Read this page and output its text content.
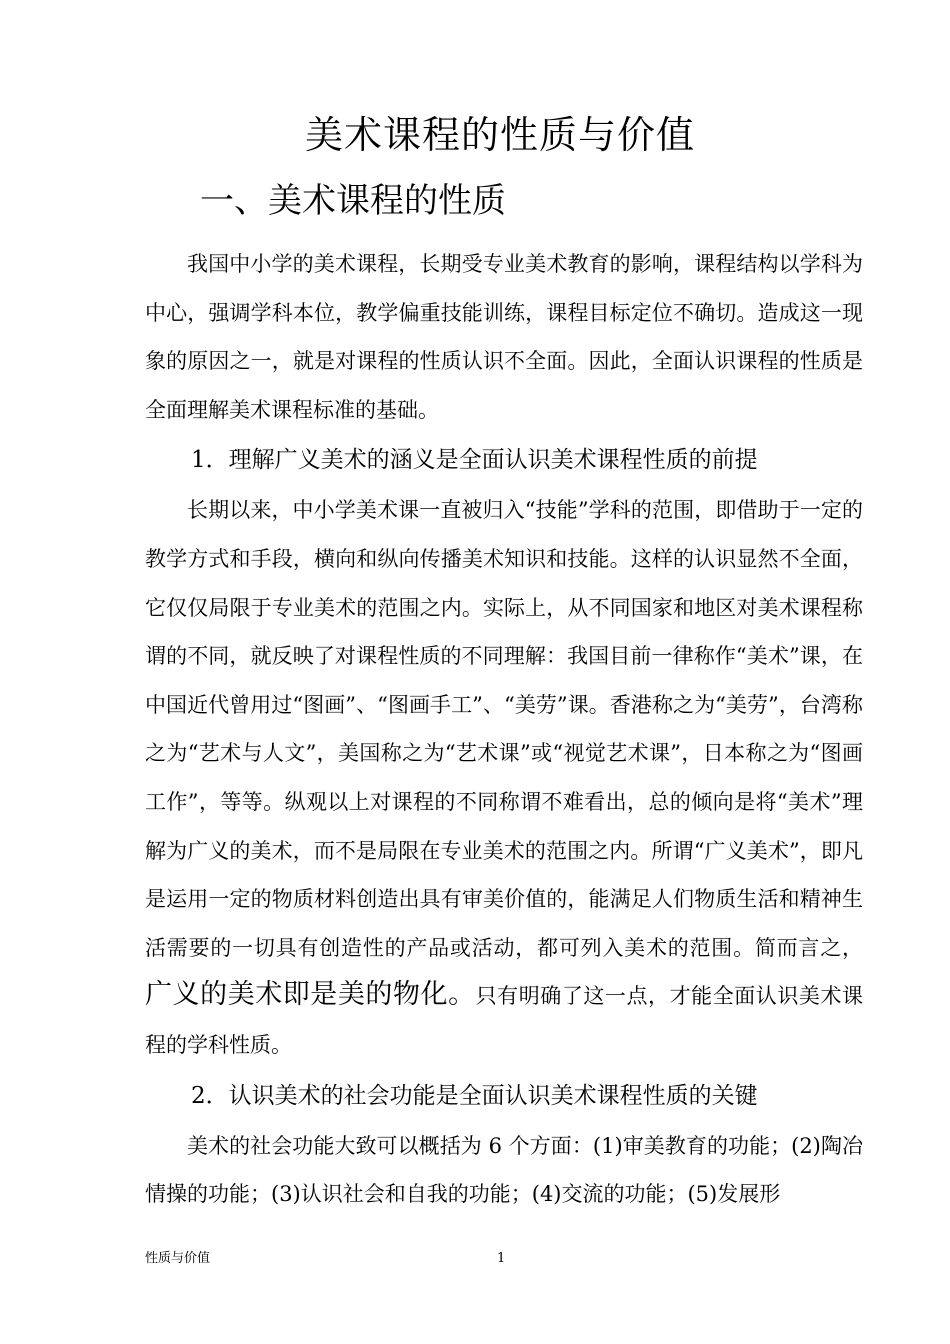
美术课程的性质与价值
一、美术课程的性质

我国中小学的美术课程，长期受专业美术教育的影响，课程结构以学科为中心，强调学科本位，教学偏重技能训练，课程目标定位不确切。造成这一现象的原因之一，就是对课程的性质认识不全面。因此，全面认识课程的性质是全面理解美术课程标准的基础。

1．理解广义美术的涵义是全面认识美术课程性质的前提

长期以来，中小学美术课一直被归入“技能”学科的范围，即借助于一定的教学方式和手段，横向和纵向传播美术知识和技能。这样的认识显然不全面，它仅仅局限于专业美术的范围之内。实际上，从不同国家和地区对美术课程称谓的不同，就反映了对课程性质的不同理解：我国目前一律称作“美术”课，在中国近代曾用过“图画”、“图画手工”、“美劳”课。香港称之为“美劳”，台湾称之为“艺术与人文”，美国称之为“艺术课”或“视觉艺术课”，日本称之为“图画工作”，等等。纵观以上对课程的不同称谓不难看出，总的倾向是将“美术”理解为广义的美术，而不是局限在专业美术的范围之内。所谓“广义美术”，即凡是运用一定的物质材料创造出具有审美价值的，能满足人们物质生活和精神生活需要的一切具有创造性的产品或活动，都可列入美术的范围。简而言之，广义的美术即是美的物化。只有明确了这一点，才能全面认识美术课程的学科性质。

2．认识美术的社会功能是全面认识美术课程性质的关键

美术的社会功能大致可以概括为 6 个方面：(1)审美教育的功能；(2)陶冶情操的功能；(3)认识社会和自我的功能；(4)交流的功能；(5)发展形

性质与价值	1
